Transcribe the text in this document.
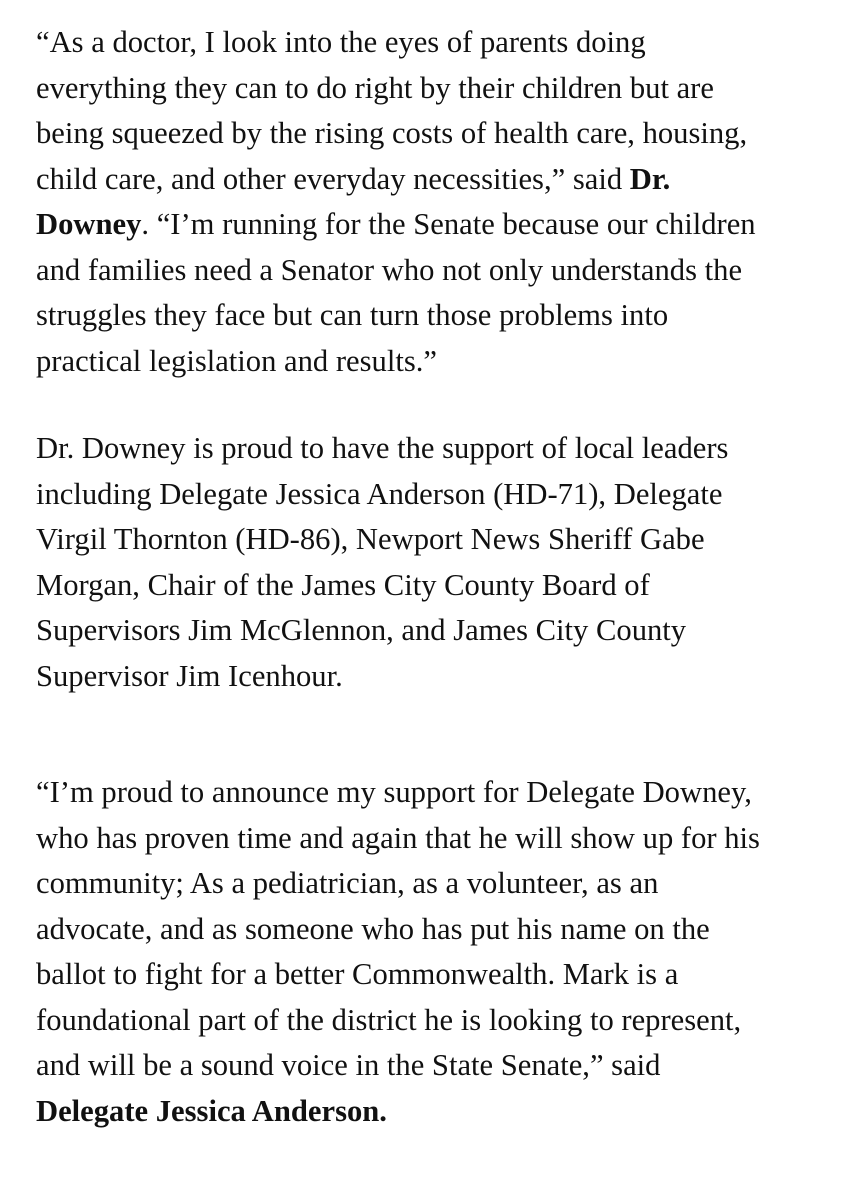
“As a doctor, I look into the eyes of parents doing
everything they can to do right by their children but are
being squeezed by the rising costs of health care, housing,
child care, and other everyday necessities,” said Dr.
Downey. “I’m running for the Senate because our children
and families need a Senator who not only understands the
struggles they face but can turn those problems into
practical legislation and results.”

Dr. Downey is proud to have the support of local leaders
including Delegate Jessica Anderson (HD-71), Delegate
Virgil Thornton (HD-86), Newport News Sheriff Gabe
Morgan, Chair of the James City County Board of
Supervisors Jim McGlennon, and James City County
Supervisor Jim Icenhour.

“I’m proud to announce my support for Delegate Downey,
who has proven time and again that he will show up for his
community; As a pediatrician, as a volunteer, as an
advocate, and as someone who has put his name on the
ballot to fight for a better Commonwealth. Mark is a
foundational part of the district he is looking to represent,
and will be a sound voice in the State Senate,” said
Delegate Jessica Anderson.
